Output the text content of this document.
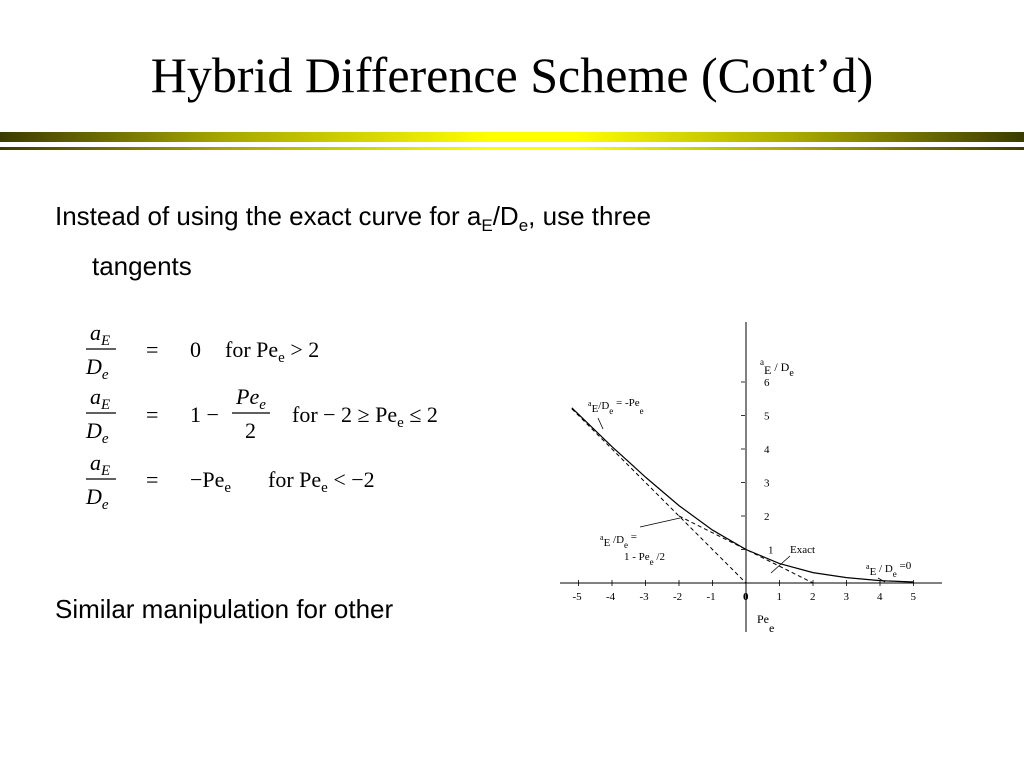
Hybrid Difference Scheme (Cont’d)
Instead of using the exact curve for $a_E/D_e$, use three
tangents
Similar manipulation for other
$a_E$
$D_e$
= 0 for $Pe_e > 2$
$a_E$
$D_e$
= 1 −
$Pe_e$
2
for − $2 \ge Pe_e \le 2$
$a_E$
$D_e$
= $-Pe_e$ for $Pe_e < -2$
-5 -4 -3 -2 -1 0	1	2	3	4	5
1
2
3
4
5
6
$^aE / D_e$
Pee
$^aE/D_e = -Pe_e$
$^a$E $/D_e$ =
$1 - Pe_e$ /2
Exact
$^aE / D_e =0$
